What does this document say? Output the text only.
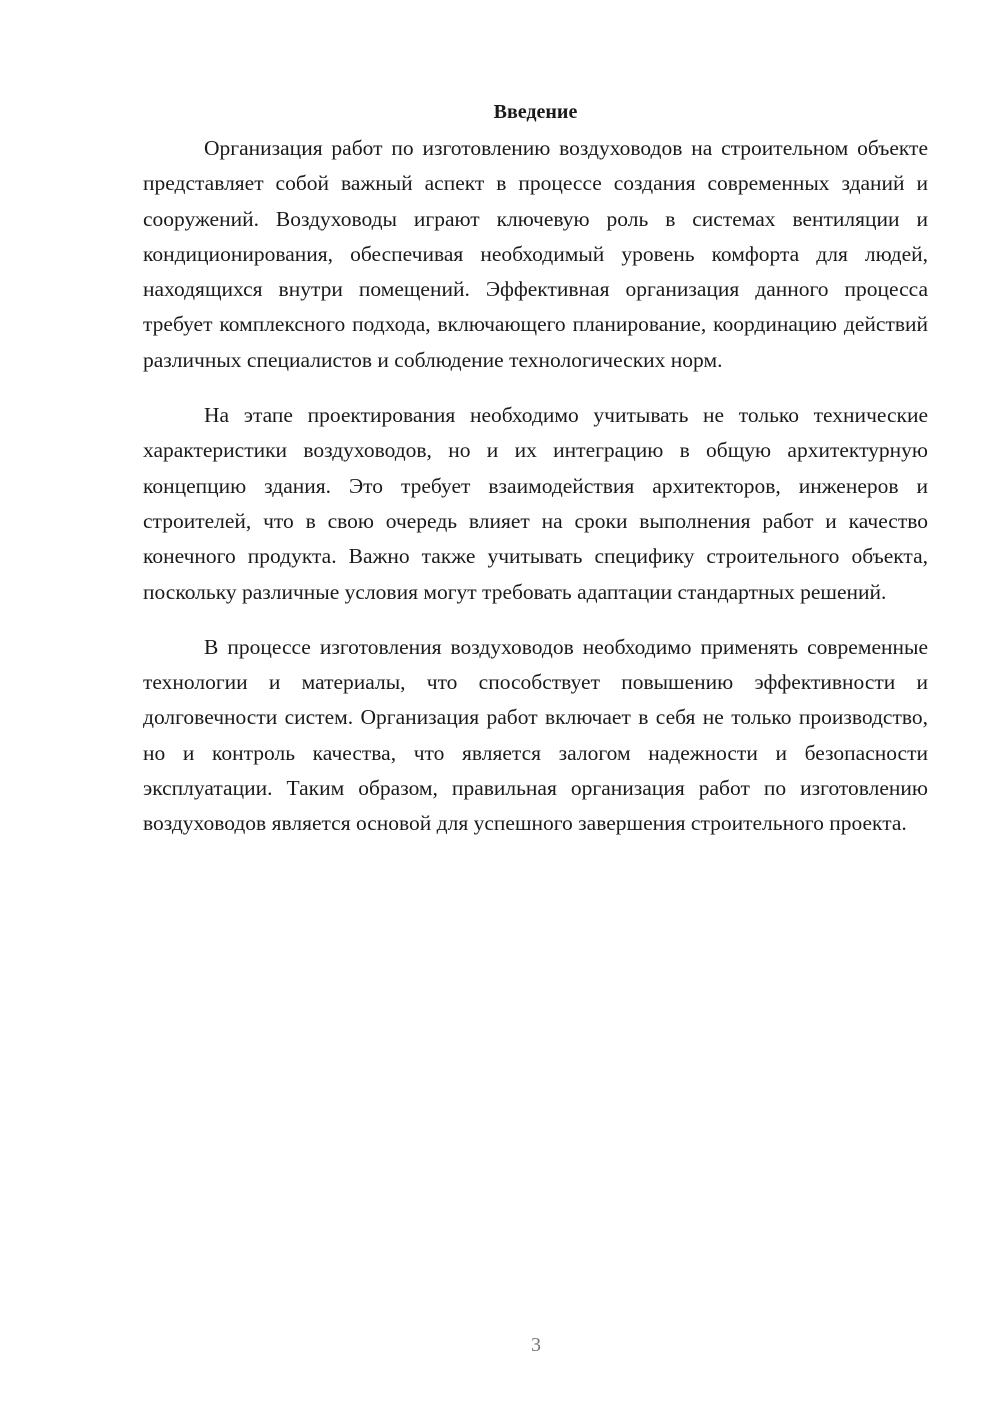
Введение

Организация работ по изготовлению воздуховодов на строительном объекте представляет собой важный аспект в процессе создания современных зданий и сооружений. Воздуховоды играют ключевую роль в системах вентиляции и кондиционирования, обеспечивая необходимый уровень комфорта для людей, находящихся внутри помещений. Эффективная организация данного процесса требует комплексного подхода, включающего планирование, координацию действий различных специалистов и соблюдение технологических норм.

На этапе проектирования необходимо учитывать не только технические характеристики воздуховодов, но и их интеграцию в общую архитектурную концепцию здания. Это требует взаимодействия архитекторов, инженеров и строителей, что в свою очередь влияет на сроки выполнения работ и качество конечного продукта. Важно также учитывать специфику строительного объекта, поскольку различные условия могут требовать адаптации стандартных решений.

В процессе изготовления воздуховодов необходимо применять современные технологии и материалы, что способствует повышению эффективности и долговечности систем. Организация работ включает в себя не только производство, но и контроль качества, что является залогом надежности и безопасности эксплуатации. Таким образом, правильная организация работ по изготовлению воздуховодов является основой для успешного завершения строительного проекта.

3
